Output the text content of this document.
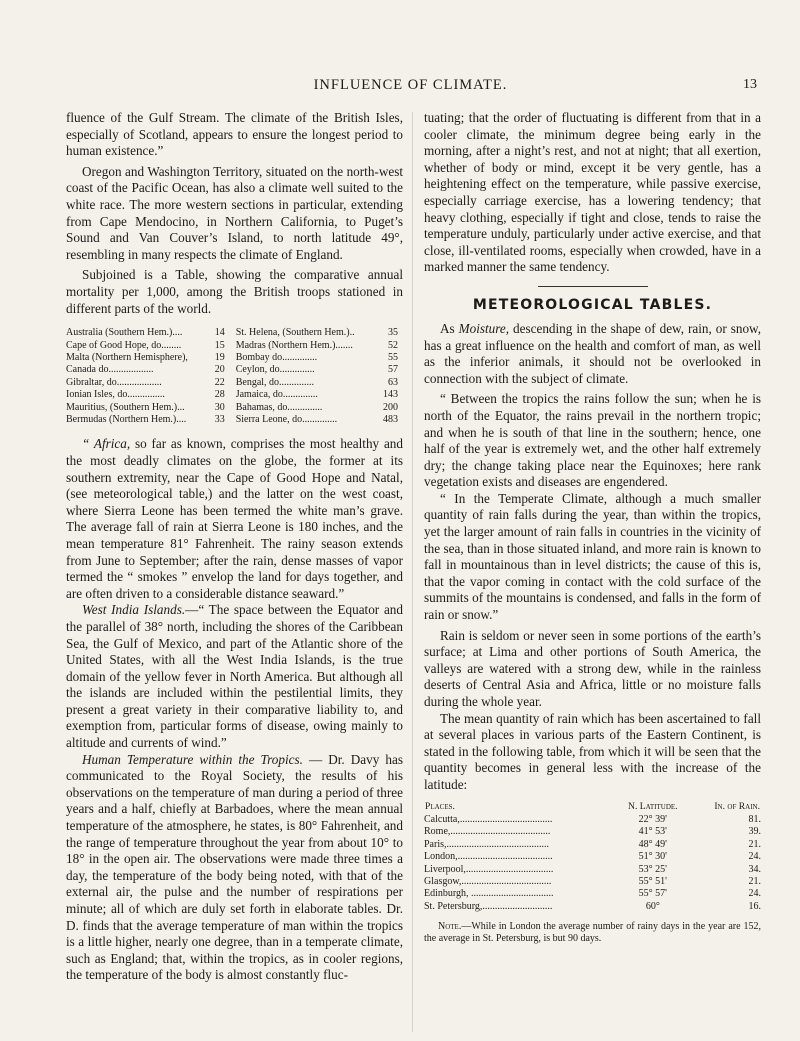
INFLUENCE OF CLIMATE.	13

fluence of the Gulf Stream. The climate of the British Isles, especially of Scotland, appears to ensure the longest period to human existence.”

Oregon and Washington Territory, situated on the north-west coast of the Pacific Ocean, has also a climate well suited to the white race. The more western sections in particular, extending from Cape Mendocino, in Northern California, to Puget’s Sound and Van Couver’s Island, to north latitude 49°, resembling in many respects the climate of England.

Subjoined is a Table, showing the comparative annual mortality per 1,000, among the British troops stationed in different parts of the world.

Australia (Southern Hem.)....	14	St. Helena, (Southern Hem.)..	35
Cape of Good Hope, do........	15	Madras (Northern Hem.).......	52
Malta (Northern Hemisphere),	19	Bombay do..............	55
Canada do..................	20	Ceylon, do..............	57
Gibraltar, do..................	22	Bengal, do..............	63
Ionian Isles, do...............	28	Jamaica, do..............	143
Mauritius, (Southern Hem.)...	30	Bahamas, do..............	200
Bermudas (Northern Hem.)....	33	Sierra Leone, do..............	483

“ Africa, so far as known, comprises the most healthy and the most deadly climates on the globe, the former at its southern extremity, near the Cape of Good Hope and Natal, (see meteorological table,) and the latter on the west coast, where Sierra Leone has been termed the white man’s grave. The average fall of rain at Sierra Leone is 180 inches, and the mean temperature 81° Fahrenheit. The rainy season extends from June to September; after the rain, dense masses of vapor termed the “ smokes ” envelop the land for days together, and are often driven to a considerable distance seaward.”

West India Islands.—“ The space between the Equator and the parallel of 38° north, including the shores of the Caribbean Sea, the Gulf of Mexico, and part of the Atlantic shore of the United States, with all the West India Islands, is the true domain of the yellow fever in North America. But although all the islands are included within the pestilential limits, they present a great variety in their comparative liability to, and exemption from, particular forms of disease, owing mainly to altitude and currents of wind.”

Human Temperature within the Tropics. — Dr. Davy has communicated to the Royal Society, the results of his observations on the temperature of man during a period of three years and a half, chiefly at Barbadoes, where the mean annual temperature of the atmosphere, he states, is 80° Fahrenheit, and the range of temperature throughout the year from about 10° to 18° in the open air. The observations were made three times a day, the temperature of the body being noted, with that of the external air, the pulse and the number of respirations per minute; all of which are duly set forth in elaborate tables. Dr. D. finds that the average temperature of man within the tropics is a little higher, nearly one degree, than in a temperate climate, such as England; that, within the tropics, as in cooler regions, the temperature of the body is almost constantly fluc-

tuating; that the order of fluctuating is different from that in a cooler climate, the minimum degree being early in the morning, after a night’s rest, and not at night; that all exertion, whether of body or mind, except it be very gentle, has a heightening effect on the temperature, while passive exercise, especially carriage exercise, has a lowering tendency; that heavy clothing, especially if tight and close, tends to raise the temperature unduly, particularly under active exercise, and that close, ill-ventilated rooms, especially when crowded, have in a marked manner the same tendency.

METEOROLOGICAL TABLES.

As Moisture, descending in the shape of dew, rain, or snow, has a great influence on the health and comfort of man, as well as the inferior animals, it should not be overlooked in connection with the subject of climate.

“ Between the tropics the rains follow the sun; when he is north of the Equator, the rains prevail in the northern tropic; and when he is south of that line in the southern; hence, one half of the year is extremely wet, and the other half extremely dry; the change taking place near the Equinoxes; here rank vegetation exists and diseases are engendered.

“ In the Temperate Climate, although a much smaller quantity of rain falls during the year, than within the tropics, yet the larger amount of rain falls in countries in the vicinity of the sea, than in those situated inland, and more rain is known to fall in mountainous than in level districts; the cause of this is, that the vapor coming in contact with the cold surface of the summits of the mountains is condensed, and falls in the form of rain or snow.”

Rain is seldom or never seen in some portions of the earth’s surface; at Lima and other portions of South America, the valleys are watered with a strong dew, while in the rainless deserts of Central Asia and Africa, little or no moisture falls during the whole year.

The mean quantity of rain which has been ascertained to fall at several places in various parts of the Eastern Continent, is stated in the following table, from which it will be seen that the quantity becomes in general less with the increase of the latitude:

Places.	N. Latitude.	In. of Rain.
Calcutta,.....................................	22° 39'	81.
Rome,........................................	41° 53'	39.
Paris,.........................................	48° 49'	21.
London,......................................	51° 30'	24.
Liverpool,...................................	53° 25'	34.
Glasgow,....................................	55° 51'	21.
Edinburgh, .................................	55° 57'	24.
St. Petersburg,............................	60°	16.
Note.—While in London the average number of rainy days in the year are 152, the average in St. Petersburg, is but 90 days.
